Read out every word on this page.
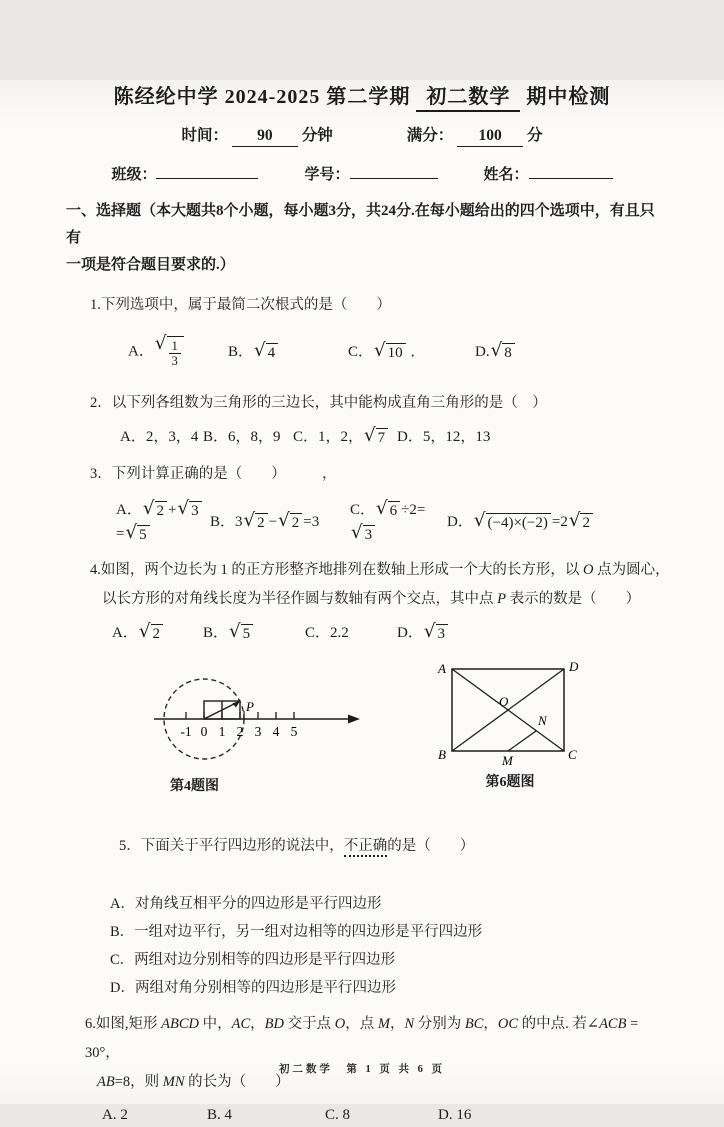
陈经纶中学 2024-2025 第二学期 初二数学 期中检测
时间： 90 分钟	满分： 100 分
班级：	学号：	姓名：
一、选择题（本大题共8个小题，每小题3分，共24分.在每小题给出的四个选项中，有且只有
一项是符合题目要求的.）
1.下列选项中，属于最简二次根式的是（　　）
A． √ $\frac{1}{3}$	B． √ 4	C． √ 10 ．	D. √ 8
2．以下列各组数为三角形的三边长，其中能构成直角三角形的是（　）
A．2，3，4 B．6，8，9 C．1，2， √ 7 D．5，12，13
3．下列计算正确的是（　　）　　　，
A． √ 2 + √ 3
= √ 5
B．3 √ 2 − √ 2 =3
C． √ 6 ÷2=
√ 3
D． √ (−4)×(−2) =2 √ 2
4.如图，两个边长为 1 的正方形整齐地排列在数轴上形成一个大的长方形，以 O 点为圆心，
以长方形的对角线长度为半径作圆与数轴有两个交点，其中点 P 表示的数是（　　）
A． √ 2	B． √ 5	C．2.2	D． √ 3
P
-1 0 1 2 3 4 5
第4题图
A	D
B	C
O
N
M
第6题图

5．下面关于平行四边形的说法中，不正确的是（　　）

A．对角线互相平分的四边形是平行四边形
B．一组对边平行，另一组对边相等的四边形是平行四边形
C．两组对边分别相等的四边形是平行四边形
D．两组对角分别相等的四边形是平行四边形
6.如图,矩形 ABCD 中，AC，BD 交于点 O，点 M，N 分别为 BC，OC 的中点. 若∠ACB = 30°，
AB=8，则 MN 的长为（　　）
A. 2	B. 4	C. 8	D. 16
初二数学　第 1 页 共 6 页
